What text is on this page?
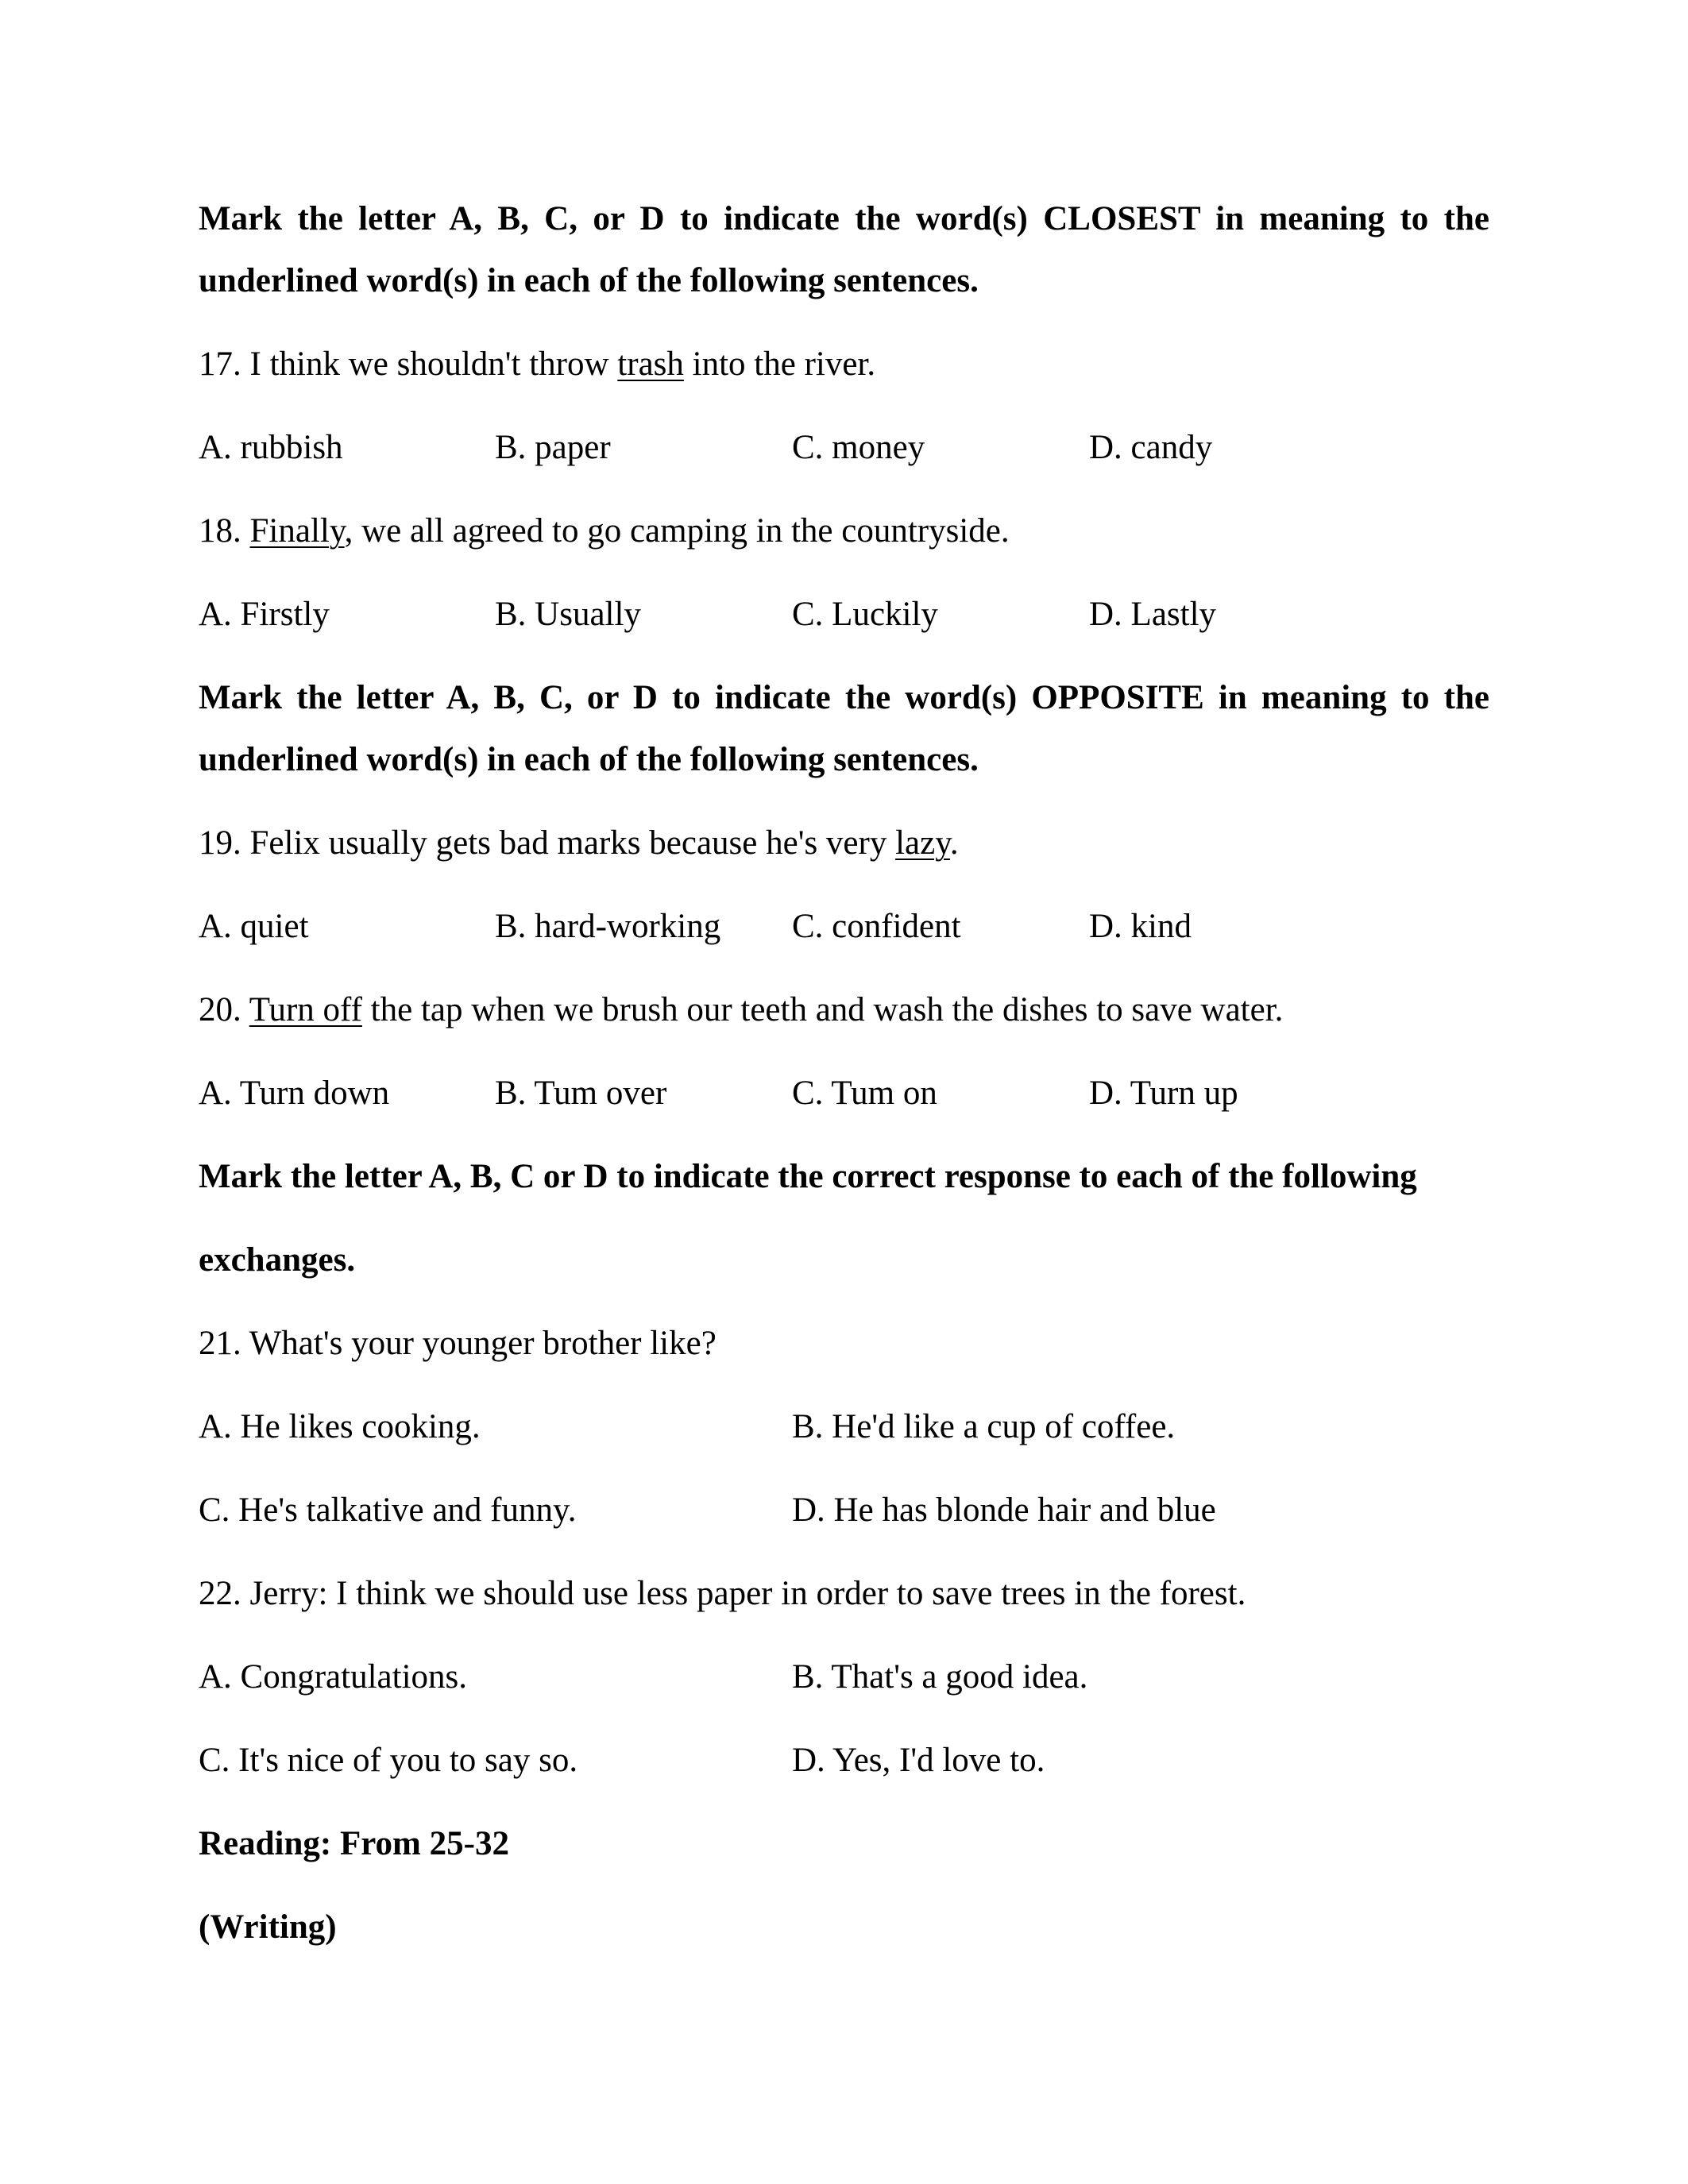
Mark the letter A, B, C, or D to indicate the word(s) CLOSEST in meaning to the
underlined word(s) in each of the following sentences.
17. I think we shouldn't throw trash into the river.
A. rubbish	B. paper	C. money	D. candy
18. Finally, we all agreed to go camping in the countryside.
A. Firstly	B. Usually	C. Luckily	D. Lastly
Mark the letter A, B, C, or D to indicate the word(s) OPPOSITE in meaning to the
underlined word(s) in each of the following sentences.
19. Felix usually gets bad marks because he's very lazy.
A. quiet	B. hard-working C. confident	D. kind
20. Turn off the tap when we brush our teeth and wash the dishes to save water.
A. Turn down	B. Tum over	C. Tum on	D. Turn up
Mark the letter A, B, C or D to indicate the correct response to each of the following
exchanges.
21. What's your younger brother like?
A. He likes cooking.	B. He'd like a cup of coffee.
C. He's talkative and funny.	D. He has blonde hair and blue
22. Jerry: I think we should use less paper in order to save trees in the forest.
A. Congratulations.	B. That's a good idea.
C. It's nice of you to say so.	D. Yes, I'd love to.
Reading: From 25-32
(Writing)
